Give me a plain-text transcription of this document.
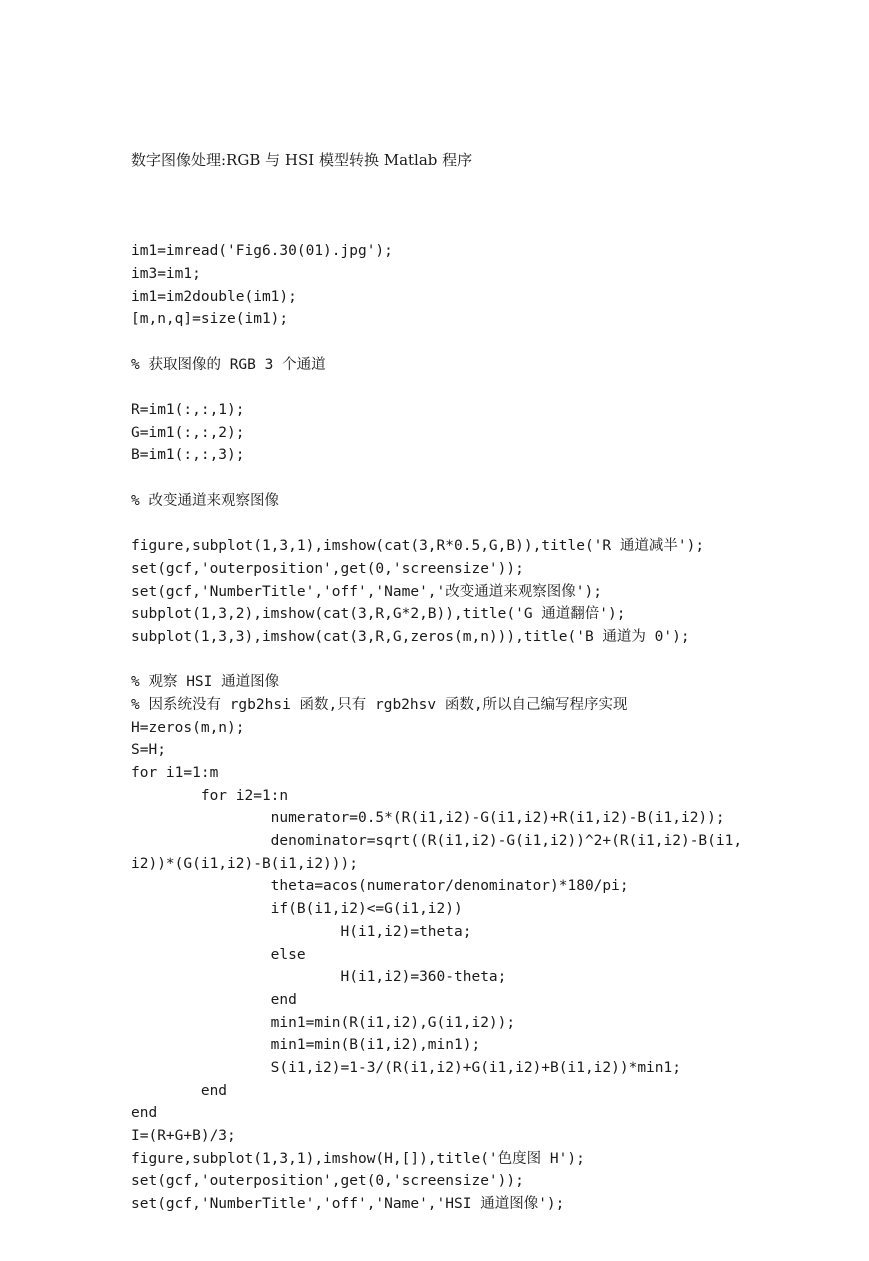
数字图像处理:RGB 与 HSI 模型转换 Matlab 程序

im1=imread('Fig6.30(01).jpg');
im3=im1;
im1=im2double(im1);
[m,n,q]=size(im1);
% 获取图像的 RGB 3 个通道
R=im1(:,:,1);
G=im1(:,:,2);
B=im1(:,:,3);
% 改变通道来观察图像
figure,subplot(1,3,1),imshow(cat(3,R*0.5,G,B)),title('R 通道减半');
set(gcf,'outerposition',get(0,'screensize'));
set(gcf,'NumberTitle','off','Name','改变通道来观察图像');
subplot(1,3,2),imshow(cat(3,R,G*2,B)),title('G 通道翻倍');
subplot(1,3,3),imshow(cat(3,R,G,zeros(m,n))),title('B 通道为 0');
% 观察 HSI 通道图像
% 因系统没有 rgb2hsi 函数,只有 rgb2hsv 函数,所以自己编写程序实现
H=zeros(m,n);
S=H;
for i1=1:m
for i2=1:n
numerator=0.5*(R(i1,i2)-G(i1,i2)+R(i1,i2)-B(i1,i2));
denominator=sqrt((R(i1,i2)-G(i1,i2))^2+(R(i1,i2)-B(i1,
i2))*(G(i1,i2)-B(i1,i2)));
theta=acos(numerator/denominator)*180/pi;
if(B(i1,i2)<=G(i1,i2))
H(i1,i2)=theta;
else
H(i1,i2)=360-theta;
end
min1=min(R(i1,i2),G(i1,i2));
min1=min(B(i1,i2),min1);
S(i1,i2)=1-3/(R(i1,i2)+G(i1,i2)+B(i1,i2))*min1;
end
end
I=(R+G+B)/3;
figure,subplot(1,3,1),imshow(H,[]),title('色度图 H');
set(gcf,'outerposition',get(0,'screensize'));
set(gcf,'NumberTitle','off','Name','HSI 通道图像');
